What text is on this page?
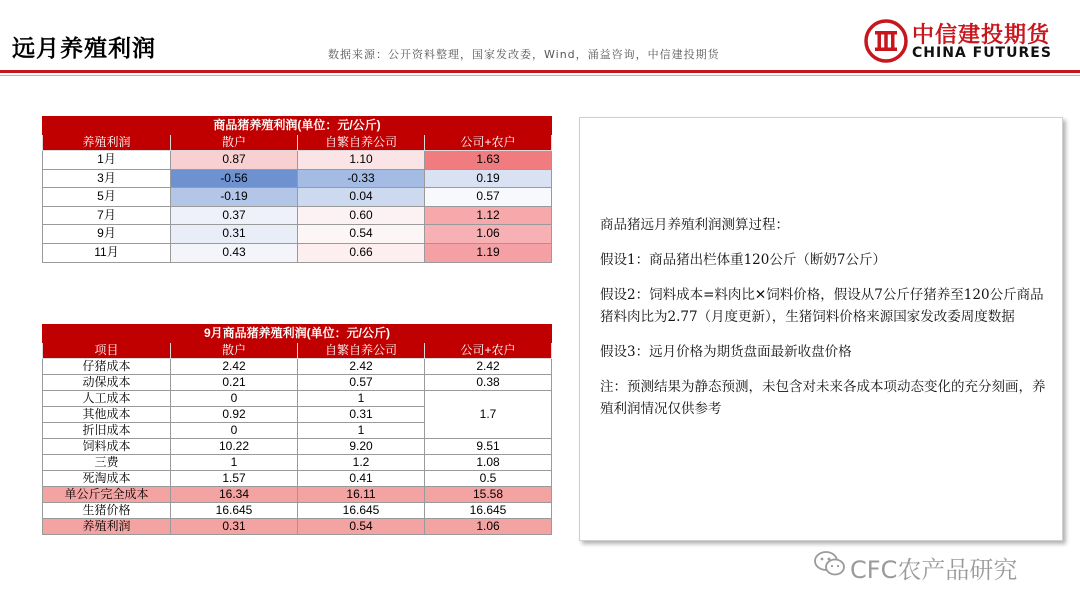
远月养殖利润	数据来源：公开资料整理，国家发改委，Wind，涌益咨询，中信建投期货
中信建投期货
CHINA FUTURES
商品猪养殖利润(单位：元/公斤)			
养殖利润	散户	自繁自养公司	公司+农户
1月	0.87	1.10	1.63
3月	-0.56	-0.33	0.19
5月	-0.19	0.04	0.57
7月	0.37	0.60	1.12
9月	0.31	0.54	1.06
11月	0.43	0.66	1.19
9月商品猪养殖利润(单位：元/公斤)			
项目	散户	自繁自养公司	公司+农户
仔猪成本	2.42	2.42	2.42
动保成本	0.21	0.57	0.38
人工成本	0	1	1.7
其他成本	0.92	0.31	
折旧成本	0	1	
饲料成本	10.22	9.20	9.51
三费	1	1.2	1.08
死淘成本	1.57	0.41	0.5
单公斤完全成本	16.34	16.11	15.58
生猪价格	16.645	16.645	16.645
养殖利润	0.31	0.54	1.06

商品猪远月养殖利润测算过程：

假设1：商品猪出栏体重120公斤（断奶7公斤）

假设2：饲料成本=料肉比✕饲料价格，假设从7公斤仔猪养至120公斤商品猪料肉比为2.77（月度更新），生猪饲料价格来源国家发改委周度数据

假设3：远月价格为期货盘面最新收盘价格

注：预测结果为静态预测，未包含对未来各成本项动态变化的充分刻画，养殖利润情况仅供参考

CFC农产品研究
